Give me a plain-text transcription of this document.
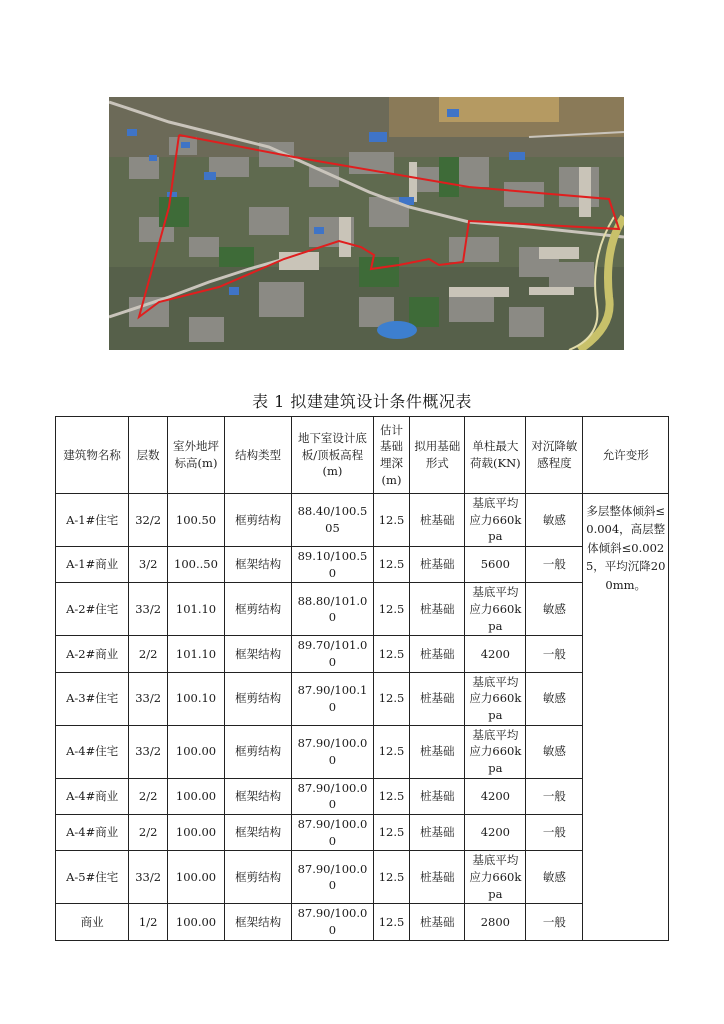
表 1 拟建建筑设计条件概况表
建筑物名称	层数	室外地坪标高(m)	结构类型	地下室设计底板/顶板高程(m)	估计基础埋深(m)	拟用基础形式	单柱最大荷载(KN)	对沉降敏感程度	允许变形
A-1#住宅	32/2	100.50	框剪结构	88.40/100.505	12.5	桩基础	基底平均应力660kpa	敏感	多层整体倾斜≤0.004，高层整体倾斜≤0.0025，平均沉降200mm。
A-1#商业	3/2	100..50	框架结构	89.10/100.50	12.5	桩基础	5600	一般	
A-2#住宅	33/2	101.10	框剪结构	88.80/101.00	12.5	桩基础	基底平均应力660kpa	敏感	
A-2#商业	2/2	101.10	框架结构	89.70/101.00	12.5	桩基础	4200	一般	
A-3#住宅	33/2	100.10	框剪结构	87.90/100.10	12.5	桩基础	基底平均应力660kpa	敏感	
A-4#住宅	33/2	100.00	框剪结构	87.90/100.00	12.5	桩基础	基底平均应力660kpa	敏感	
A-4#商业	2/2	100.00	框架结构	87.90/100.00	12.5	桩基础	4200	一般	
A-4#商业	2/2	100.00	框架结构	87.90/100.00	12.5	桩基础	4200	一般	
A-5#住宅	33/2	100.00	框剪结构	87.90/100.00	12.5	桩基础	基底平均应力660kpa	敏感	
商业	1/2	100.00	框架结构	87.90/100.00	12.5	桩基础	2800	一般	
